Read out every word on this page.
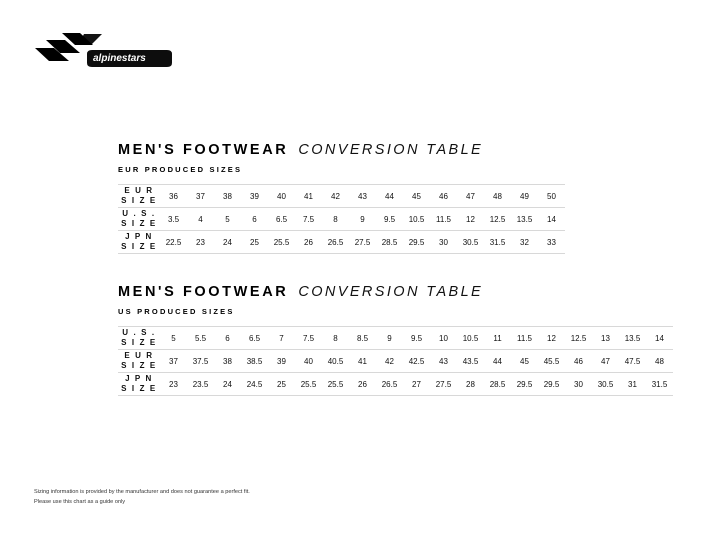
alpinestars
MEN'S FOOTWEAR CONVERSION TABLE
EUR PRODUCED SIZES
E U R
S I Z E	36	37	38	39	40	41	42	43	44	45	46	47	48	49	50
U . S .
S I Z E	3.5	4	5	6	6.5	7.5	8	9	9.5	10.5	11.5	12	12.5	13.5	14
J P N
S I Z E	22.5	23	24	25	25.5	26	26.5	27.5	28.5	29.5	30	30.5	31.5	32	33
MEN'S FOOTWEAR CONVERSION TABLE
US PRODUCED SIZES
U . S .
S I Z E	5	5.5	6	6.5	7	7.5	8	8.5	9	9.5	10	10.5	11	11.5	12	12.5	13	13.5	14
E U R
S I Z E	37	37.5	38	38.5	39	40	40.5	41	42	42.5	43	43.5	44	45	45.5	46	47	47.5	48
J P N
S I Z E	23	23.5	24	24.5	25	25.5	25.5	26	26.5	27	27.5	28	28.5	29.5	29.5	30	30.5	31	31.5
Sizing information is provided by the manufacturer and does not guarantee a perfect fit.
Please use this chart as a guide only
